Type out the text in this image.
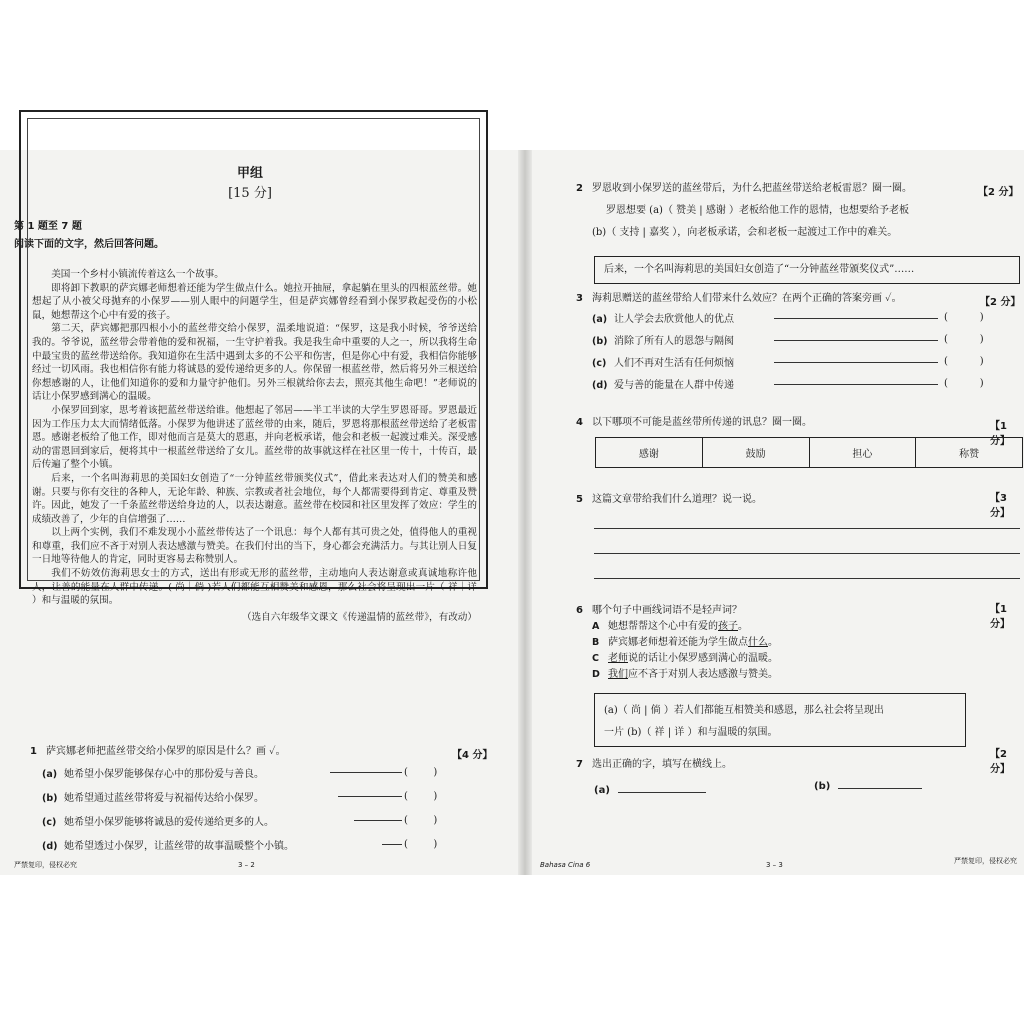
甲组
[15 分]
第 1 题至 7 题
阅读下面的文字，然后回答问题。

美国一个乡村小镇流传着这么一个故事。

即将卸下教职的萨宾娜老师想着还能为学生做点什么。她拉开抽屉，拿起躺在里头的四根蓝丝带。她想起了从小被父母抛弃的小保罗——别人眼中的问题学生，但是萨宾娜曾经看到小保罗救起受伤的小松鼠，她想帮这个心中有爱的孩子。

第二天，萨宾娜把那四根小小的蓝丝带交给小保罗，温柔地说道：“保罗，这是我小时候，爷爷送给我的。爷爷说，蓝丝带会带着他的爱和祝福，一生守护着我。我是我生命中重要的人之一，所以我将生命中最宝贵的蓝丝带送给你。我知道你在生活中遇到太多的不公平和伤害，但是你心中有爱，我相信你能够经过一切风雨。我也相信你有能力将诚恳的爱传递给更多的人。你保留一根蓝丝带，然后将另外三根送给你想感谢的人，让他们知道你的爱和力量守护他们。另外三根就给你去去，照亮其他生命吧！”老师说的话让小保罗感到满心的温暖。

小保罗回到家，思考着该把蓝丝带送给谁。他想起了邻居——半工半读的大学生罗恩哥哥。罗恩最近因为工作压力太大而情绪低落。小保罗为他讲述了蓝丝带的由来，随后，罗恩将那根蓝丝带送给了老板雷恩。感谢老板给了他工作，即对他而言是莫大的恩惠，并向老板承诺，他会和老板一起渡过难关。深受感动的雷恩回到家后，便将其中一根蓝丝带送给了女儿。蓝丝带的故事就这样在社区里一传十，十传百，最后传遍了整个小镇。

后来，一个名叫海莉思的美国妇女创造了“一分钟蓝丝带颁奖仪式”，借此来表达对人们的赞美和感谢。只要与你有交往的各种人，无论年龄、种族、宗教或者社会地位，每个人都需要得到肯定、尊重及赞许。因此，她发了一千条蓝丝带送给身边的人，以表达谢意。蓝丝带在校园和社区里发挥了效应：学生的成绩改善了，少年的自信增强了……

以上两个实例，我们不难发现小小蓝丝带传达了一个讯息：每个人都有其可贵之处，值得他人的重视和尊重，我们应不吝于对别人表达感激与赞美。在我们付出的当下，身心都会充满活力。与其让别人日复一日地等待他人的肯定，同时更容易去称赞别人。

我们不妨效仿海莉思女士的方式，送出有形或无形的蓝丝带，主动地向人表达谢意或真诚地称许他人，让善的能量在人群中传递。( 尚｜倘 )若人们都能互相赞美和感恩，那么社会将呈现出一片（ 祥｜详 ）和与温暖的氛围。

（选自六年级华文课文《传递温情的蓝丝带》，有改动）
1 萨宾娜老师把蓝丝带交给小保罗的原因是什么？画 ✓。	【4 分】
(a) 她希望小保罗能够保存心中的那份爱与善良。	(        )
(b) 她希望通过蓝丝带将爱与祝福传达给小保罗。	(        )
(c) 她希望小保罗能够将诚恳的爱传递给更多的人。	(        )
(d) 她希望透过小保罗，让蓝丝带的故事温暖整个小镇。	(        )
严禁复印，侵权必究	3 – 2
2 罗恩收到小保罗送的蓝丝带后，为什么把蓝丝带送给老板雷恩？圈一圈。	【2 分】
罗恩想要 (a)（ 赞美 | 感谢 ）老板给他工作的恩情，也想要给予老板
(b)（ 支持 | 嘉奖 ），向老板承诺，会和老板一起渡过工作中的难关。
后来，一个名叫海莉思的美国妇女创造了“一分钟蓝丝带颁奖仪式”……
3 海莉思赠送的蓝丝带给人们带来什么效应？在两个正确的答案旁画 ✓。	【2 分】
(a) 让人学会去欣赏他人的优点	(          )
(b) 消除了所有人的恩怨与隔阂	(          )
(c) 人们不再对生活有任何烦恼	(          )
(d) 爱与善的能量在人群中传递	(          )
4 以下哪项不可能是蓝丝带所传递的讯息？圈一圈。	【1 分】
感谢	鼓励	担心	称赞
5 这篇文章带给我们什么道理？说一说。	【3 分】
6 哪个句子中画线词语不是轻声词？	【1 分】
A 她想帮帮这个心中有爱的孩子。
B 萨宾娜老师想着还能为学生做点什么。
C 老师说的话让小保罗感到满心的温暖。
D 我们应不吝于对别人表达感激与赞美。
(a)（ 尚 | 倘 ）若人们都能互相赞美和感恩，那么社会将呈现出
一片 (b)（ 祥 | 详 ）和与温暖的氛围。
【2 分】
7 选出正确的字，填写在横线上。
(a)	(b)
Bahasa Cina 6	3 – 3	严禁复印，侵权必究
